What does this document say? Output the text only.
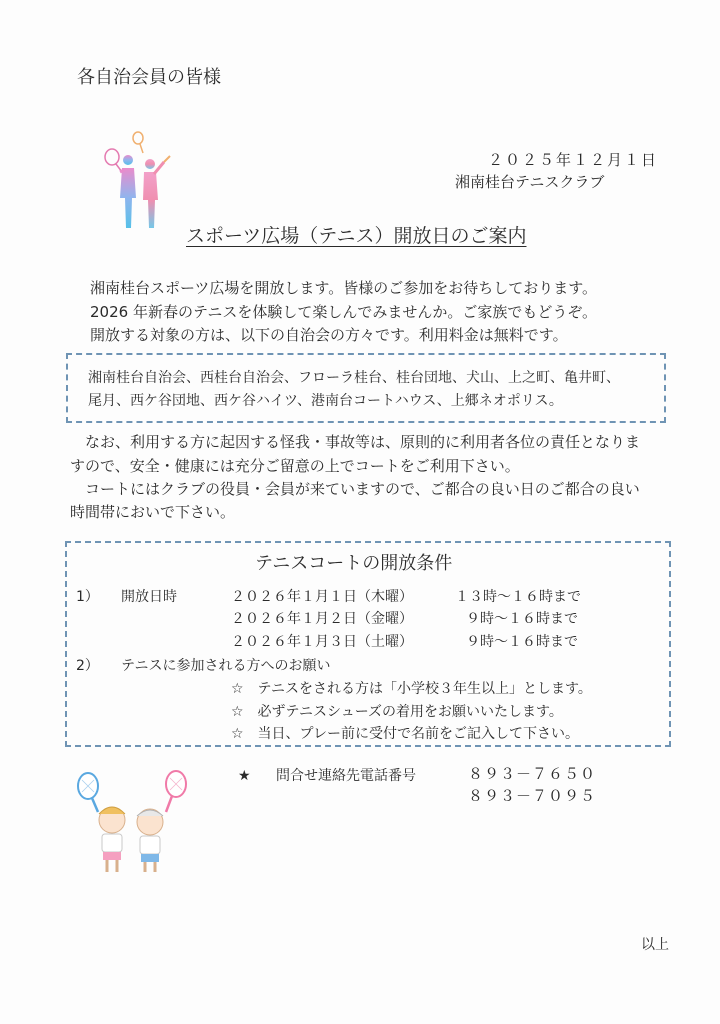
各自治会員の皆様
２０２５年１２月１日
湘南桂台テニスクラブ
スポーツ広場（テニス）開放日のご案内
湘南桂台スポーツ広場を開放します。皆様のご参加をお待ちしております。
2026 年新春のテニスを体験して楽しんでみませんか。ご家族でもどうぞ。
開放する対象の方は、以下の自治会の方々です。利用料金は無料です。
湘南桂台自治会、西桂台自治会、フローラ桂台、桂台団地、犬山、上之町、亀井町、
尾月、西ケ谷団地、西ケ谷ハイツ、港南台コートハウス、上郷ネオポリス。
　なお、利用する方に起因する怪我・事故等は、原則的に利用者各位の責任となりま
すので、安全・健康には充分ご留意の上でコートをご利用下さい。
　コートにはクラブの役員・会員が来ていますので、ご都合の良い日のご都合の良い
時間帯においで下さい。
テニスコートの開放条件
1） 開放日時	２０２６年１月１日（木曜）	１３時～１６時まで
２０２６年１月２日（金曜）	９時～１６時まで
２０２６年１月３日（土曜）	９時～１６時まで
2） テニスに参加される方へのお願い
☆　テニスをされる方は「小学校３年生以上」とします。
☆　必ずテニスシューズの着用をお願いいたします。
☆　当日、プレー前に受付で名前をご記入して下さい。
★ 問合せ連絡先電話番号	８９３－７６５０
８９３－７０９５
以上
